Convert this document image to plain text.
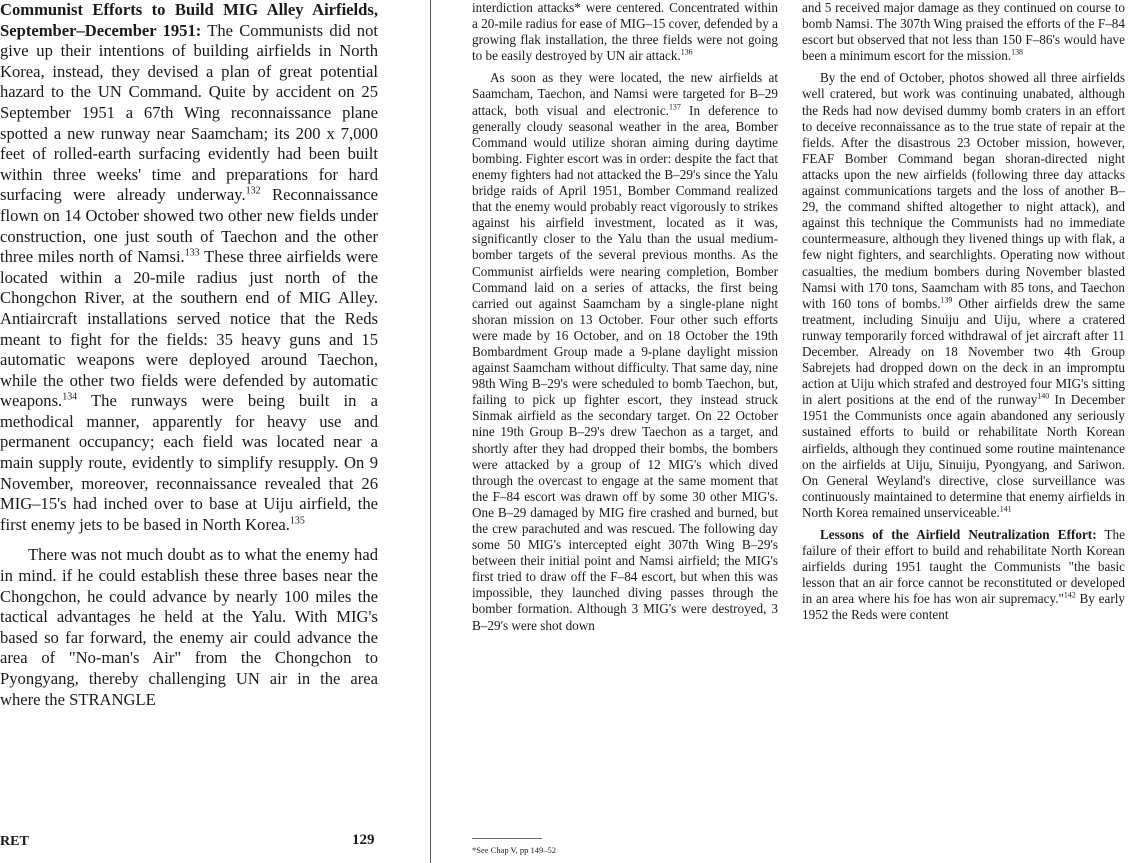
Communist Efforts to Build MIG Alley Airfields, September–December 1951: The Communists did not give up their intentions of building airfields in North Korea, instead, they devised a plan of great potential hazard to the UN Command. Quite by accident on 25 September 1951 a 67th Wing reconnaissance plane spotted a new runway near Saamcham; its 200 x 7,000 feet of rolled-earth surfacing evidently had been built within three weeks' time and preparations for hard surfacing were already underway.$^{132}$ Reconnaissance flown on 14 October showed two other new fields under construction, one just south of Taechon and the other three miles north of Namsi.$^{133}$ These three airfields were located within a 20-mile radius just north of the Chongchon River, at the southern end of MIG Alley. Antiaircraft installations served notice that the Reds meant to fight for the fields: 35 heavy guns and 15 automatic weapons were deployed around Taechon, while the other two fields were defended by automatic weapons.$^{134}$ The runways were being built in a methodical manner, apparently for heavy use and permanent occupancy; each field was located near a main supply route, evidently to simplify resupply. On 9 November, moreover, reconnaissance revealed that 26 MIG–15's had inched over to base at Uiju airfield, the first enemy jets to be based in North Korea.$^{135}$

There was not much doubt as to what the enemy had in mind. if he could establish these three bases near the Chongchon, he could advance by nearly 100 miles the tactical advantages he held at the Yalu. With MIG's based so far forward, the enemy air could advance the area of "No-man's Air" from the Chongchon to Pyongyang, thereby challenging UN air in the area where the STRANGLE

interdiction attacks* were centered. Concentrated within a 20-mile radius for ease of MIG–15 cover, defended by a growing flak installation, the three fields were not going to be easily destroyed by UN air attack.$^{136}$

As soon as they were located, the new airfields at Saamcham, Taechon, and Namsi were targeted for B–29 attack, both visual and electronic.$^{137}$ In deference to generally cloudy seasonal weather in the area, Bomber Command would utilize shoran aiming during daytime bombing. Fighter escort was in order: despite the fact that enemy fighters had not attacked the B–29's since the Yalu bridge raids of April 1951, Bomber Command realized that the enemy would probably react vigorously to strikes against his airfield investment, located as it was, significantly closer to the Yalu than the usual medium-bomber targets of the several previous months. As the Communist airfields were nearing completion, Bomber Command laid on a series of attacks, the first being carried out against Saamcham by a single-plane night shoran mission on 13 October. Four other such efforts were made by 16 October, and on 18 October the 19th Bombardment Group made a 9-plane daylight mission against Saamcham without difficulty. That same day, nine 98th Wing B–29's were scheduled to bomb Taechon, but, failing to pick up fighter escort, they instead struck Sinmak airfield as the secondary target. On 22 October nine 19th Group B–29's drew Taechon as a target, and shortly after they had dropped their bombs, the bombers were attacked by a group of 12 MIG's which dived through the overcast to engage at the same moment that the F–84 escort was drawn off by some 30 other MIG's. One B–29 damaged by MIG fire crashed and burned, but the crew parachuted and was rescued. The following day some 50 MIG's intercepted eight 307th Wing B–29's between their initial point and Namsi airfield; the MIG's first tried to draw off the F–84 escort, but when this was impossible, they launched diving passes through the bomber formation. Although 3 MIG's were destroyed, 3 B–29's were shot down

and 5 received major damage as they continued on course to bomb Namsi. The 307th Wing praised the efforts of the F–84 escort but observed that not less than 150 F–86's would have been a minimum escort for the mission.$^{138}$

By the end of October, photos showed all three airfields well cratered, but work was continuing unabated, although the Reds had now devised dummy bomb craters in an effort to deceive reconnaissance as to the true state of repair at the fields. After the disastrous 23 October mission, however, FEAF Bomber Command began shoran-directed night attacks upon the new airfields (following three day attacks against communications targets and the loss of another B–29, the command shifted altogether to night attack), and against this technique the Communists had no immediate countermeasure, although they livened things up with flak, a few night fighters, and searchlights. Operating now without casualties, the medium bombers during November blasted Namsi with 170 tons, Saamcham with 85 tons, and Taechon with 160 tons of bombs.$^{139}$ Other airfields drew the same treatment, including Sinuiju and Uiju, where a cratered runway temporarily forced withdrawal of jet aircraft after 11 December. Already on 18 November two 4th Group Sabrejets had dropped down on the deck in an impromptu action at Uiju which strafed and destroyed four MIG's sitting in alert positions at the end of the runway$^{140}$ In December 1951 the Communists once again abandoned any seriously sustained efforts to build or rehabilitate North Korean airfields, although they continued some routine maintenance on the airfields at Uiju, Sinuiju, Pyongyang, and Sariwon. On General Weyland's directive, close surveillance was continuously maintained to determine that enemy airfields in North Korea remained unserviceable.$^{141}$

Lessons of the Airfield Neutralization Effort: The failure of their effort to build and rehabilitate North Korean airfields during 1951 taught the Communists "the basic lesson that an air force cannot be reconstituted or developed in an area where his foe has won air supremacy."$^{142}$ By early 1952 the Reds were content

RET	129
*See Chap V, pp 149–52
